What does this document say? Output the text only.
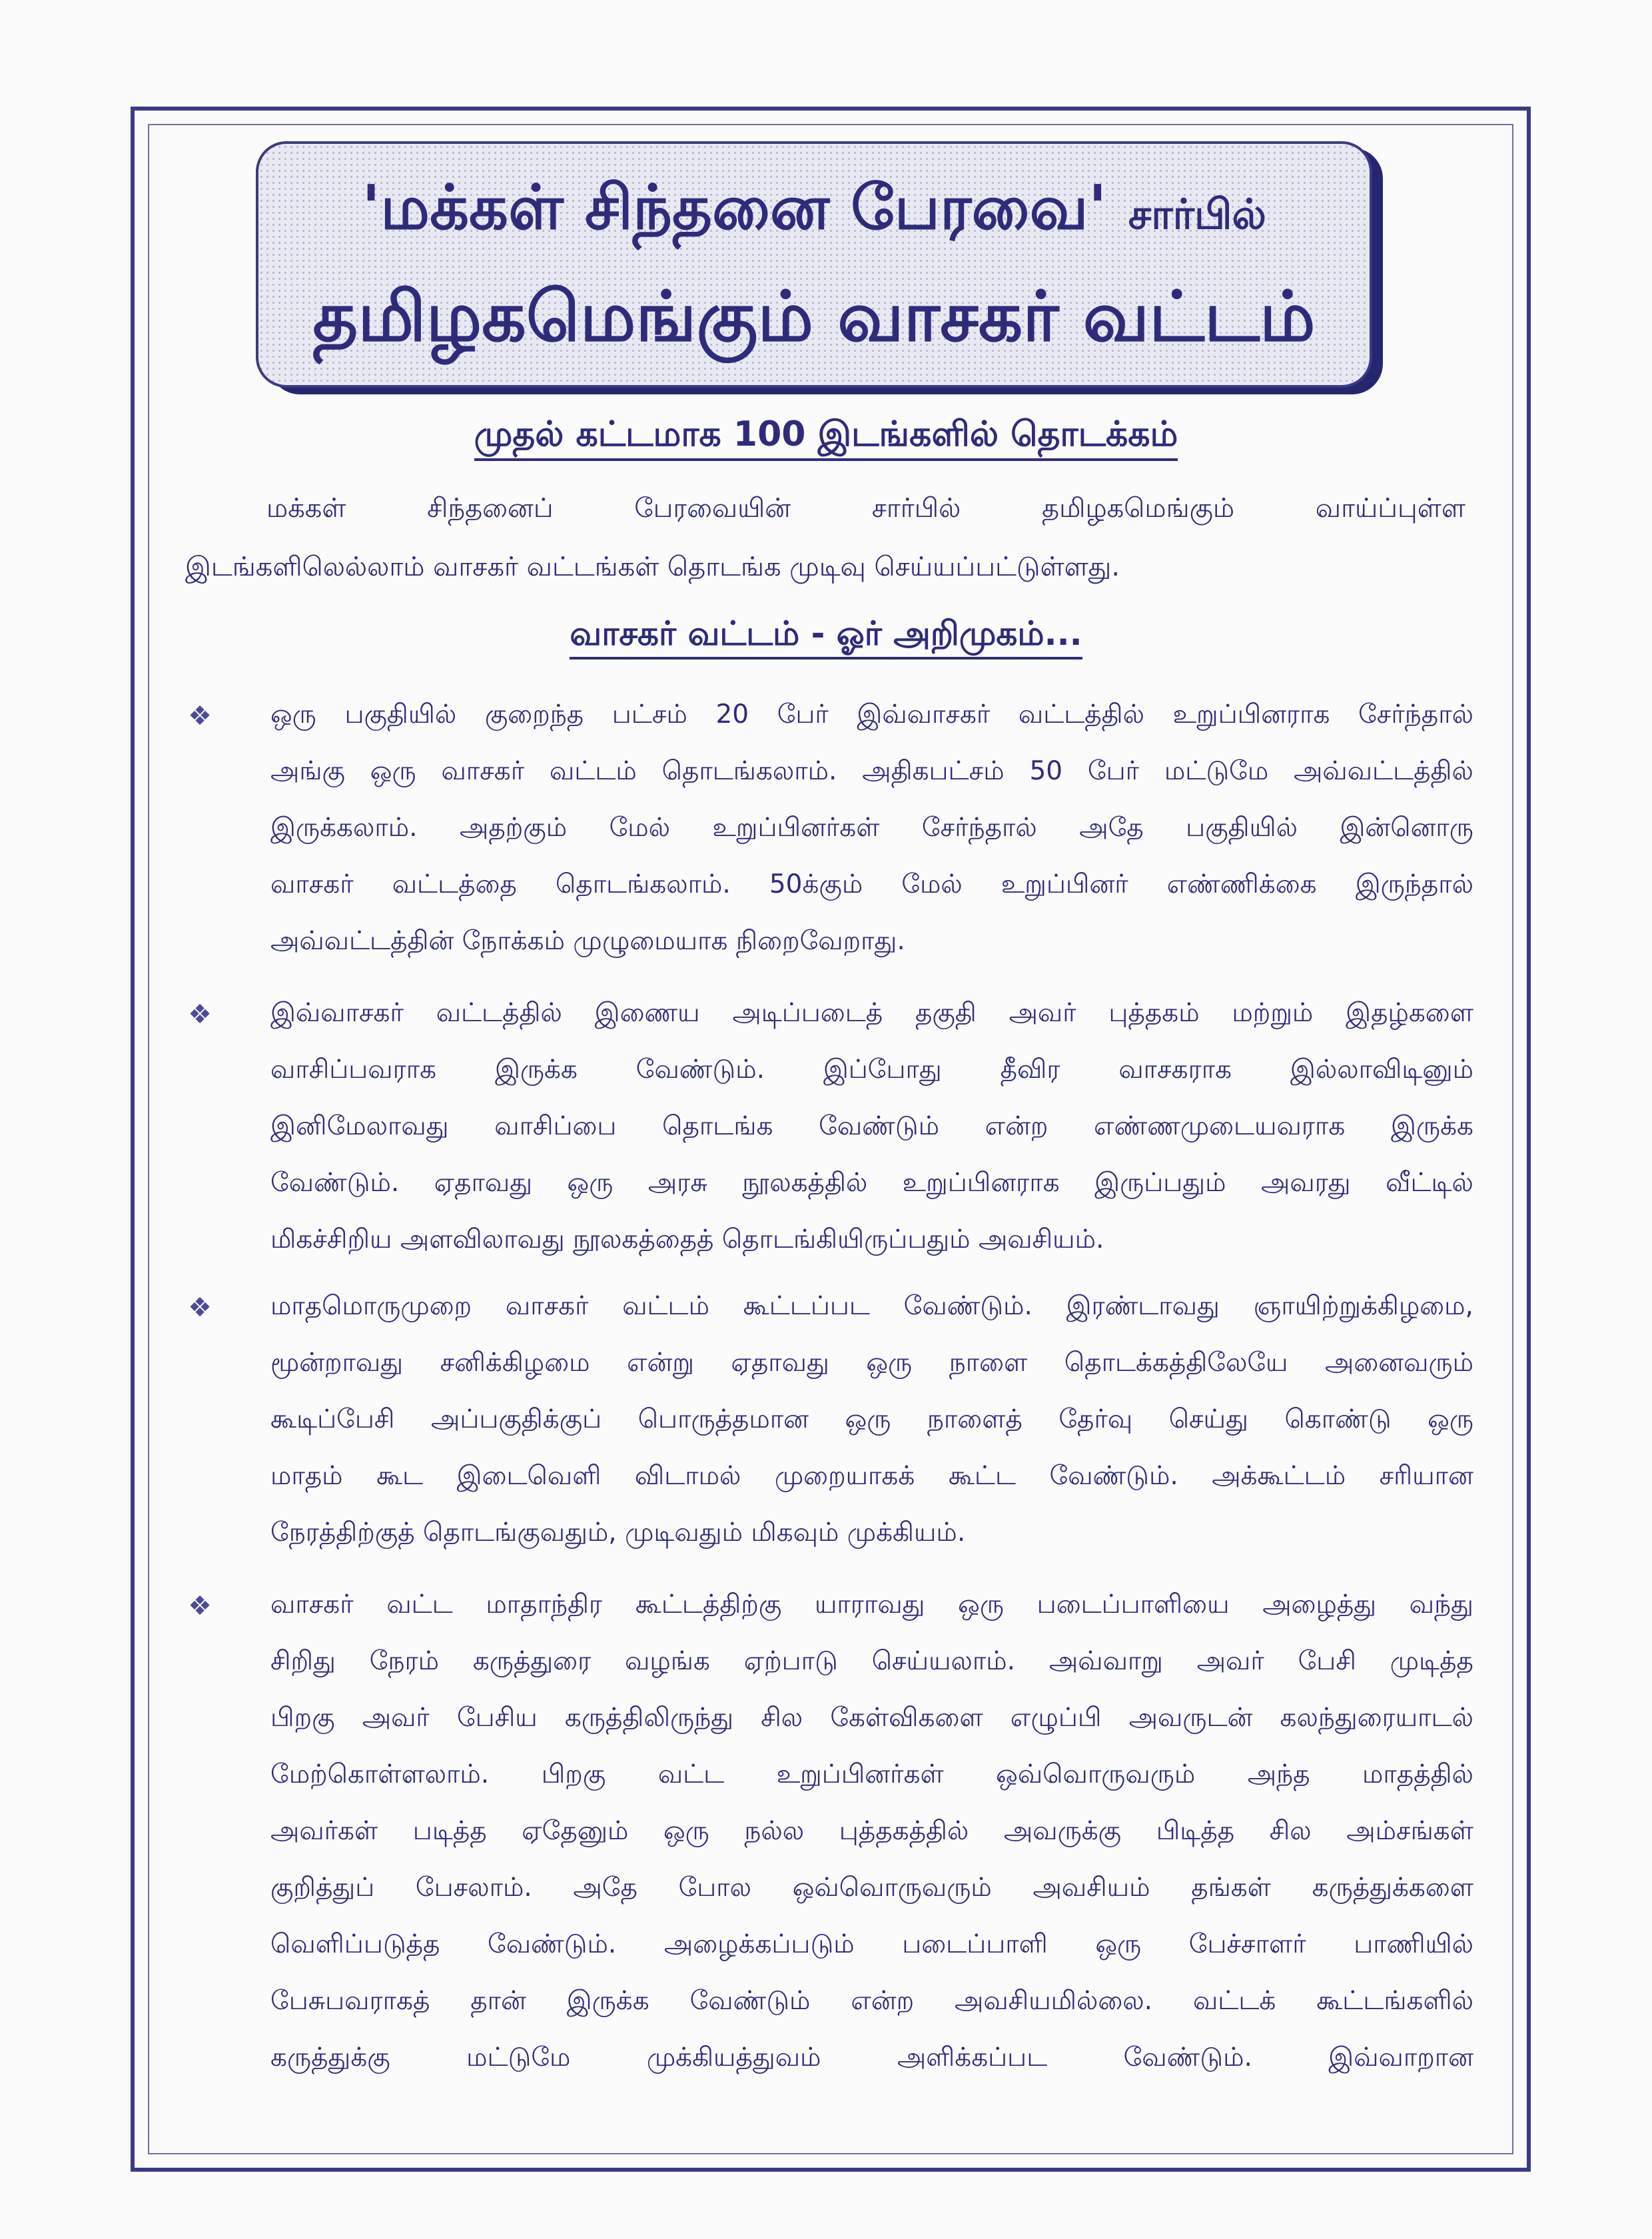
'மக்கள் சிந்தனை பேரவை' சார்பில்
தமிழகமெங்கும் வாசகர் வட்டம்
முதல் கட்டமாக 100 இடங்களில் தொடக்கம்
மக்கள்	சிந்தனைப்	பேரவையின்	சார்பில்	தமிழகமெங்கும்	வாய்ப்புள்ள
இடங்களிலெல்லாம் வாசகர் வட்டங்கள் தொடங்க முடிவு செய்யப்பட்டுள்ளது.
வாசகர் வட்டம் - ஓர் அறிமுகம்...
❖	ஒரு பகுதியில் குறைந்த பட்சம் 20 பேர் இவ்வாசகர் வட்டத்தில் உறுப்பினராக சேர்ந்தால்
அங்கு ஒரு வாசகர் வட்டம் தொடங்கலாம். அதிகபட்சம் 50 பேர் மட்டுமே அவ்வட்டத்தில்
இருக்கலாம். அதற்கும் மேல் உறுப்பினர்கள் சேர்ந்தால் அதே பகுதியில் இன்னொரு
வாசகர் வட்டத்தை தொடங்கலாம். 50க்கும் மேல் உறுப்பினர் எண்ணிக்கை இருந்தால்
அவ்வட்டத்தின் நோக்கம் முழுமையாக நிறைவேறாது.
❖	இவ்வாசகர் வட்டத்தில் இணைய அடிப்படைத் தகுதி அவர் புத்தகம் மற்றும் இதழ்களை
வாசிப்பவராக இருக்க வேண்டும். இப்போது தீவிர வாசகராக இல்லாவிடினும்
இனிமேலாவது வாசிப்பை தொடங்க வேண்டும் என்ற எண்ணமுடையவராக இருக்க
வேண்டும். ஏதாவது ஒரு அரசு நூலகத்தில் உறுப்பினராக இருப்பதும் அவரது வீட்டில்
மிகச்சிறிய அளவிலாவது நூலகத்தைத் தொடங்கியிருப்பதும் அவசியம்.
❖	மாதமொருமுறை வாசகர் வட்டம் கூட்டப்பட வேண்டும். இரண்டாவது ஞாயிற்றுக்கிழமை,
மூன்றாவது சனிக்கிழமை என்று ஏதாவது ஒரு நாளை தொடக்கத்திலேயே அனைவரும்
கூடிப்பேசி அப்பகுதிக்குப் பொருத்தமான ஒரு நாளைத் தேர்வு செய்து கொண்டு ஒரு
மாதம் கூட இடைவெளி விடாமல் முறையாகக் கூட்ட வேண்டும். அக்கூட்டம் சரியான
நேரத்திற்குத் தொடங்குவதும், முடிவதும் மிகவும் முக்கியம்.
❖	வாசகர் வட்ட மாதாந்திர கூட்டத்திற்கு யாராவது ஒரு படைப்பாளியை அழைத்து வந்து
சிறிது நேரம் கருத்துரை வழங்க ஏற்பாடு செய்யலாம். அவ்வாறு அவர் பேசி முடித்த
பிறகு அவர் பேசிய கருத்திலிருந்து சில கேள்விகளை எழுப்பி அவருடன் கலந்துரையாடல்
மேற்கொள்ளலாம். பிறகு வட்ட உறுப்பினர்கள் ஒவ்வொருவரும் அந்த மாதத்தில்
அவர்கள் படித்த ஏதேனும் ஒரு நல்ல புத்தகத்தில் அவருக்கு பிடித்த சில அம்சங்கள்
குறித்துப் பேசலாம். அதே போல ஒவ்வொருவரும் அவசியம் தங்கள் கருத்துக்களை
வெளிப்படுத்த வேண்டும். அழைக்கப்படும் படைப்பாளி ஒரு பேச்சாளர் பாணியில்
பேசுபவராகத் தான் இருக்க வேண்டும் என்ற அவசியமில்லை. வட்டக் கூட்டங்களில்
கருத்துக்கு	மட்டுமே	முக்கியத்துவம்	அளிக்கப்பட	வேண்டும்.	இவ்வாறான
